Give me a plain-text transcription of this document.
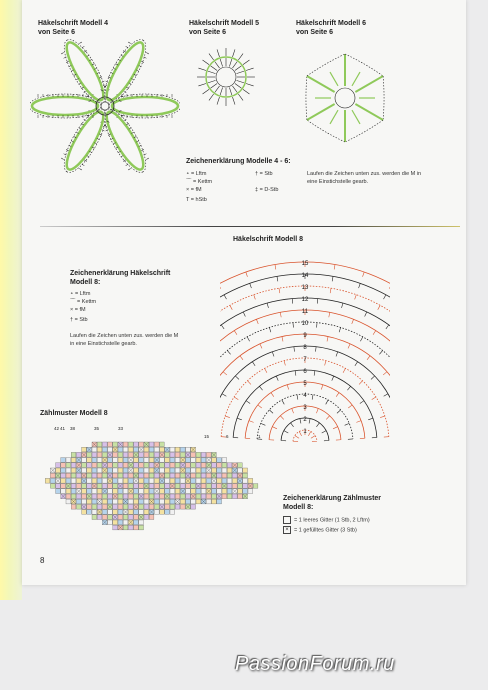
Häkelschrift Modell 4
von Seite 6
Häkelschrift Modell 5
von Seite 6
Häkelschrift Modell 6
von Seite 6
Zeichenerklärung Modelle 4 - 6:
∘ = Lftm
⌒ = Kettm
× = fM
T = hStb
† = Stb
‡ = D-Stb
Laufen die Zeichen unten zus. werden die M in eine Einstichstelle gearb.
Häkelschrift Modell 8
Zeichenerklärung Häkelschrift Modell 8:
∘ = Lftm
⌒ = Kettm
× = fM
† = Stb
Laufen die Zeichen unten zus. werden die M in eine Einstichstelle gearb.
1
2
3
4
5
6
7
8
9
10
11
12
13
14
15
Zählmuster Modell 8
42 41 38	35	33
15	6	1
Zeichenerklärung Zählmuster Modell 8:
= 1 leeres Gitter (1 Stb, 2 Lftm)
× = 1 gefülltes Gitter (3 Stb)
8
PassionForum.ru
